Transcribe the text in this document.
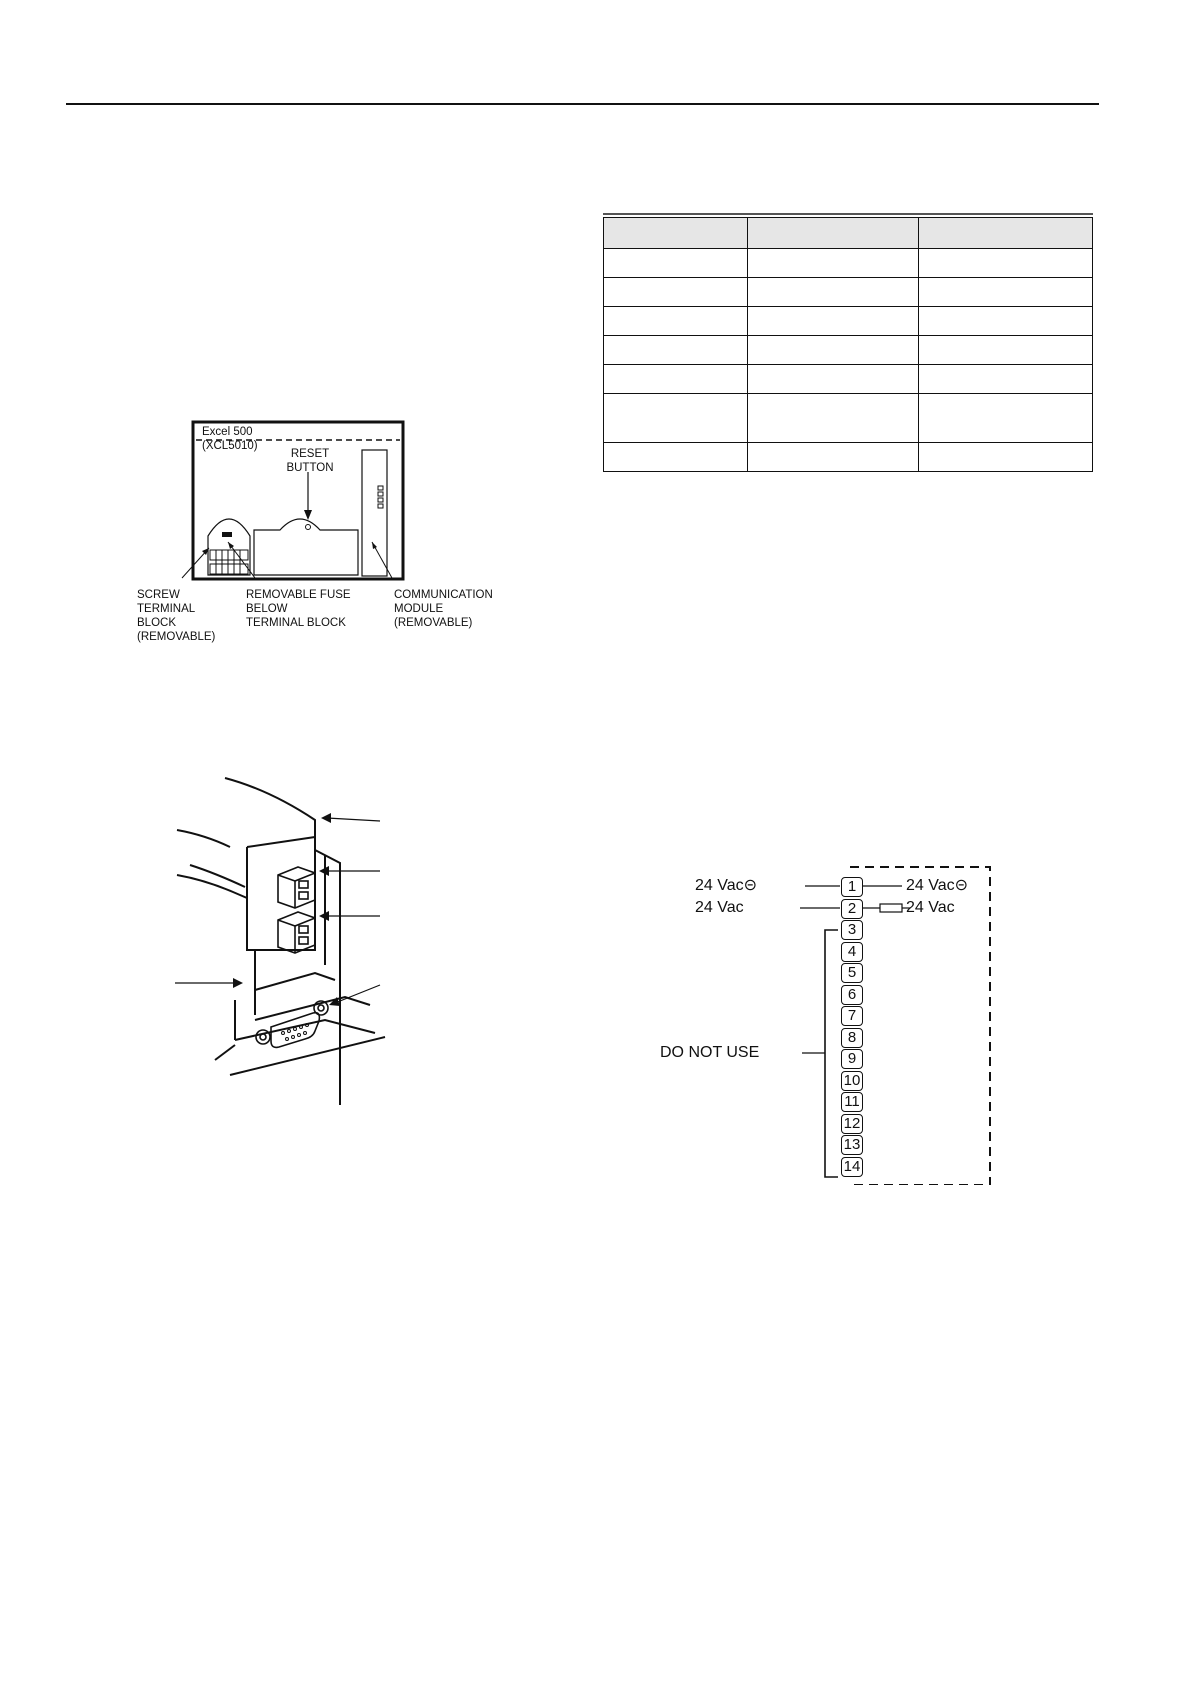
Excel 500
(XCL5010)
RESET
BUTTON
SCREW
TERMINAL
BLOCK
(REMOVABLE)
REMOVABLE FUSE
BELOW
TERMINAL BLOCK
COMMUNICATION
MODULE
(REMOVABLE)

24 Vac⊝
24 Vac
24 Vac⊝
24 Vac
DO NOT USE
1
2
3
4
5
6
7
8
9
10
11
12
13
14
